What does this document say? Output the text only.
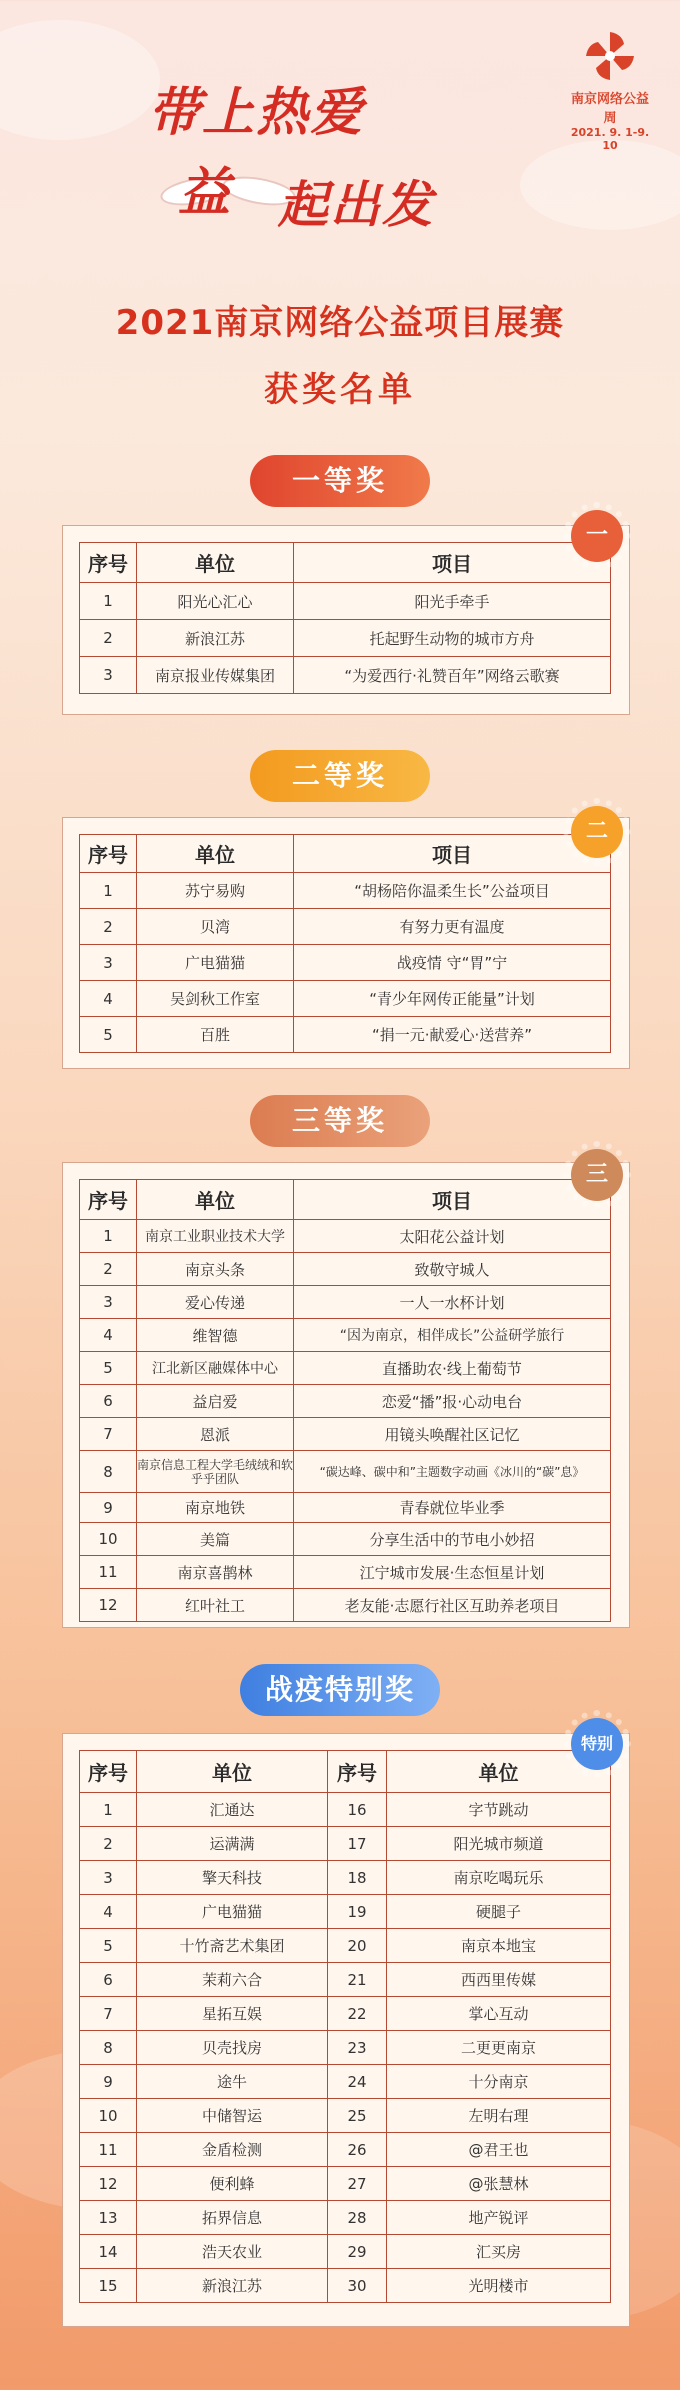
南京网络公益周
2021. 9. 1-9. 10
带上热爱
益 起出发
2021南京网络公益项目展赛
获奖名单
一等奖
序号	单位	项目
1	阳光心汇心	阳光手牵手
2	新浪江苏	托起野生动物的城市方舟
3	南京报业传媒集团	“为爱西行·礼赞百年”网络云歌赛
一
二等奖
序号	单位	项目
1	苏宁易购	“胡杨陪你温柔生长”公益项目
2	贝湾	有努力更有温度
3	广电猫猫	战疫情 守“胃”宁
4	吴剑秋工作室	“青少年网传正能量”计划
5	百胜	“捐一元·献爱心·送营养”
二
三等奖
序号	单位	项目
1	南京工业职业技术大学	太阳花公益计划
2	南京头条	致敬守城人
3	爱心传递	一人一水杯计划
4	维智德	“因为南京，相伴成长”公益研学旅行
5	江北新区融媒体中心	直播助农·线上葡萄节
6	益启爱	恋爱“播”报·心动电台
7	恩派	用镜头唤醒社区记忆
8	南京信息工程大学毛绒绒和软乎乎团队	“碳达峰、碳中和”主题数字动画《冰川的“碳”息》
9	南京地铁	青春就位毕业季
10	美篇	分享生活中的节电小妙招
11	南京喜鹊林	江宁城市发展·生态恒星计划
12	红叶社工	老友能·志愿行社区互助养老项目
三
战疫特别奖
序号	单位	序号	单位
1	汇通达	16	字节跳动
2	运满满	17	阳光城市频道
3	擎天科技	18	南京吃喝玩乐
4	广电猫猫	19	硬腿子
5	十竹斋艺术集团	20	南京本地宝
6	茉莉六合	21	西西里传媒
7	星拓互娱	22	掌心互动
8	贝壳找房	23	二更更南京
9	途牛	24	十分南京
10	中储智运	25	左明右理
11	金盾检测	26	@君王也
12	便利蜂	27	@张慧林
13	拓界信息	28	地产锐评
14	浩天农业	29	汇买房
15	新浪江苏	30	光明楼市
特别
